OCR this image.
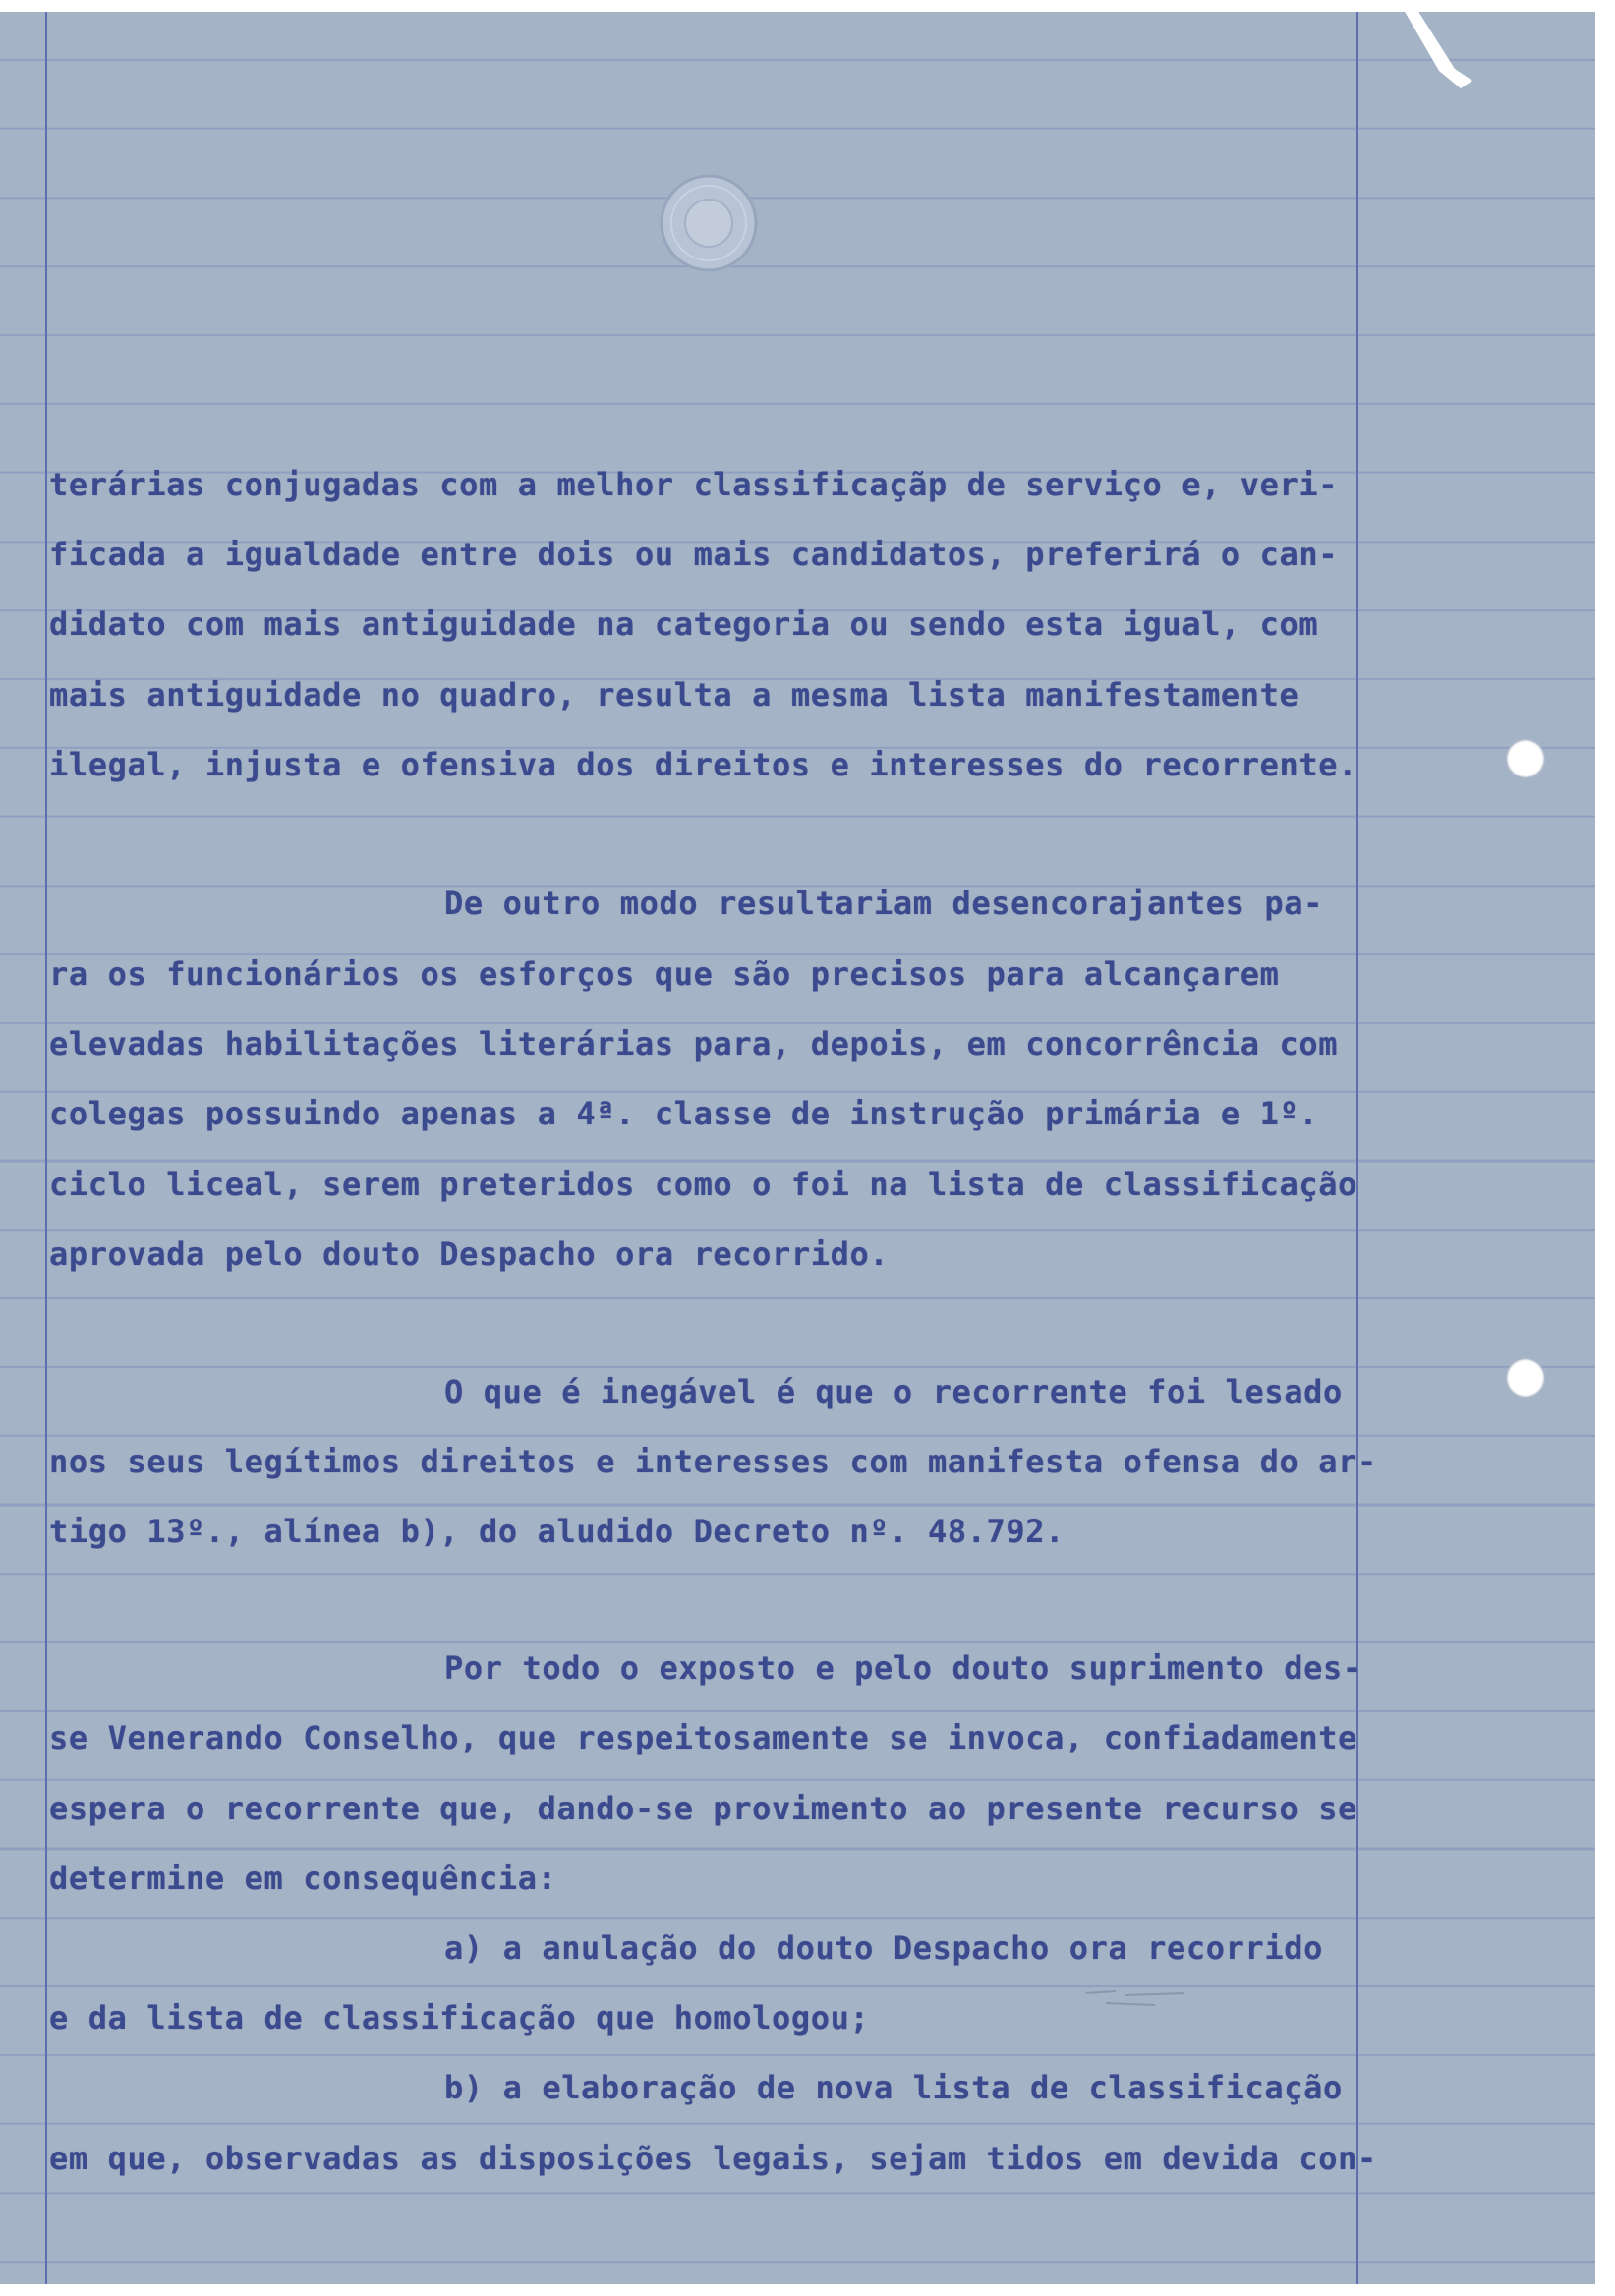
terárias conjugadas com a melhor classificaçãp de serviço e, veri-
ficada a igualdade entre dois ou mais candidatos, preferirá o can-
didato com mais antiguidade na categoria ou sendo esta igual, com
mais antiguidade no quadro, resulta a mesma lista manifestamente
ilegal, injusta e ofensiva dos direitos e interesses do recorrente.
De outro modo resultariam desencorajantes pa-
ra os funcionários os esforços que são precisos para alcançarem
elevadas habilitações literárias para, depois, em concorrência com
colegas possuindo apenas a 4ª. classe de instrução primária e 1º.
ciclo liceal, serem preteridos como o foi na lista de classificação
aprovada pelo douto Despacho ora recorrido.
O que é inegável é que o recorrente foi lesado
nos seus legítimos direitos e interesses com manifesta ofensa do ar-
tigo 13º., alínea b), do aludido Decreto nº. 48.792.
Por todo o exposto e pelo douto suprimento des-
se Venerando Conselho, que respeitosamente se invoca, confiadamente
espera o recorrente que, dando-se provimento ao presente recurso se
determine em consequência:
a) a anulação do douto Despacho ora recorrido
e da lista de classificação que homologou;
b) a elaboração de nova lista de classificação
em que, observadas as disposições legais, sejam tidos em devida con-
